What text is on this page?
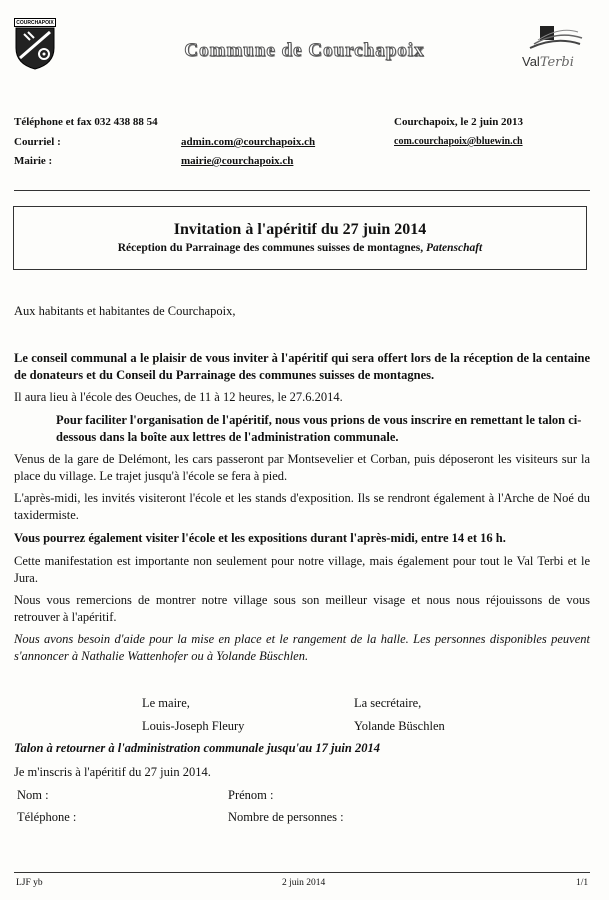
COURCHAPOIX
Commune de Courchapoix
ValTerbi
Téléphone et fax 032 438 88 54
Courriel :	admin.com@courchapoix.ch
Mairie :	mairie@courchapoix.ch
Courchapoix, le 2 juin 2013
com.courchapoix@bluewin.ch
Invitation à l'apéritif du 27 juin 2014
Réception du Parrainage des communes suisses de montagnes, Patenschaft
Aux habitants et habitantes de Courchapoix,
Le conseil communal a le plaisir de vous inviter à l'apéritif qui sera offert lors de la réception de la centaine de donateurs et du Conseil du Parrainage des communes suisses de montagnes.
Il aura lieu à l'école des Oeuches, de 11 à 12 heures, le 27.6.2014.
Pour faciliter l'organisation de l'apéritif, nous vous prions de vous inscrire en remettant le talon ci-dessous dans la boîte aux lettres de l'administration communale.
Venus de la gare de Delémont, les cars passeront par Montsevelier et Corban, puis déposeront les visiteurs sur la place du village. Le trajet jusqu'à l'école se fera à pied.
L'après-midi, les invités visiteront l'école et les stands d'exposition. Ils se rendront également à l'Arche de Noé du taxidermiste.
Vous pourrez également visiter l'école et les expositions durant l'après-midi, entre 14 et 16 h.
Cette manifestation est importante non seulement pour notre village, mais également pour tout le Val Terbi et le Jura.
Nous vous remercions de montrer notre village sous son meilleur visage et nous nous réjouissons de vous retrouver à l'apéritif.
Nous avons besoin d'aide pour la mise en place et le rangement de la halle. Les personnes disponibles peuvent s'annoncer à Nathalie Wattenhofer ou à Yolande Büschlen.
Le maire,
Louis-Joseph Fleury
La secrétaire,
Yolande Büschlen
Talon à retourner à l'administration communale jusqu'au 17 juin 2014
Je m'inscris à l'apéritif du 27 juin 2014.
Nom :	Prénom :
Téléphone :	Nombre de personnes :
LJF yb	2 juin 2014	1/1
